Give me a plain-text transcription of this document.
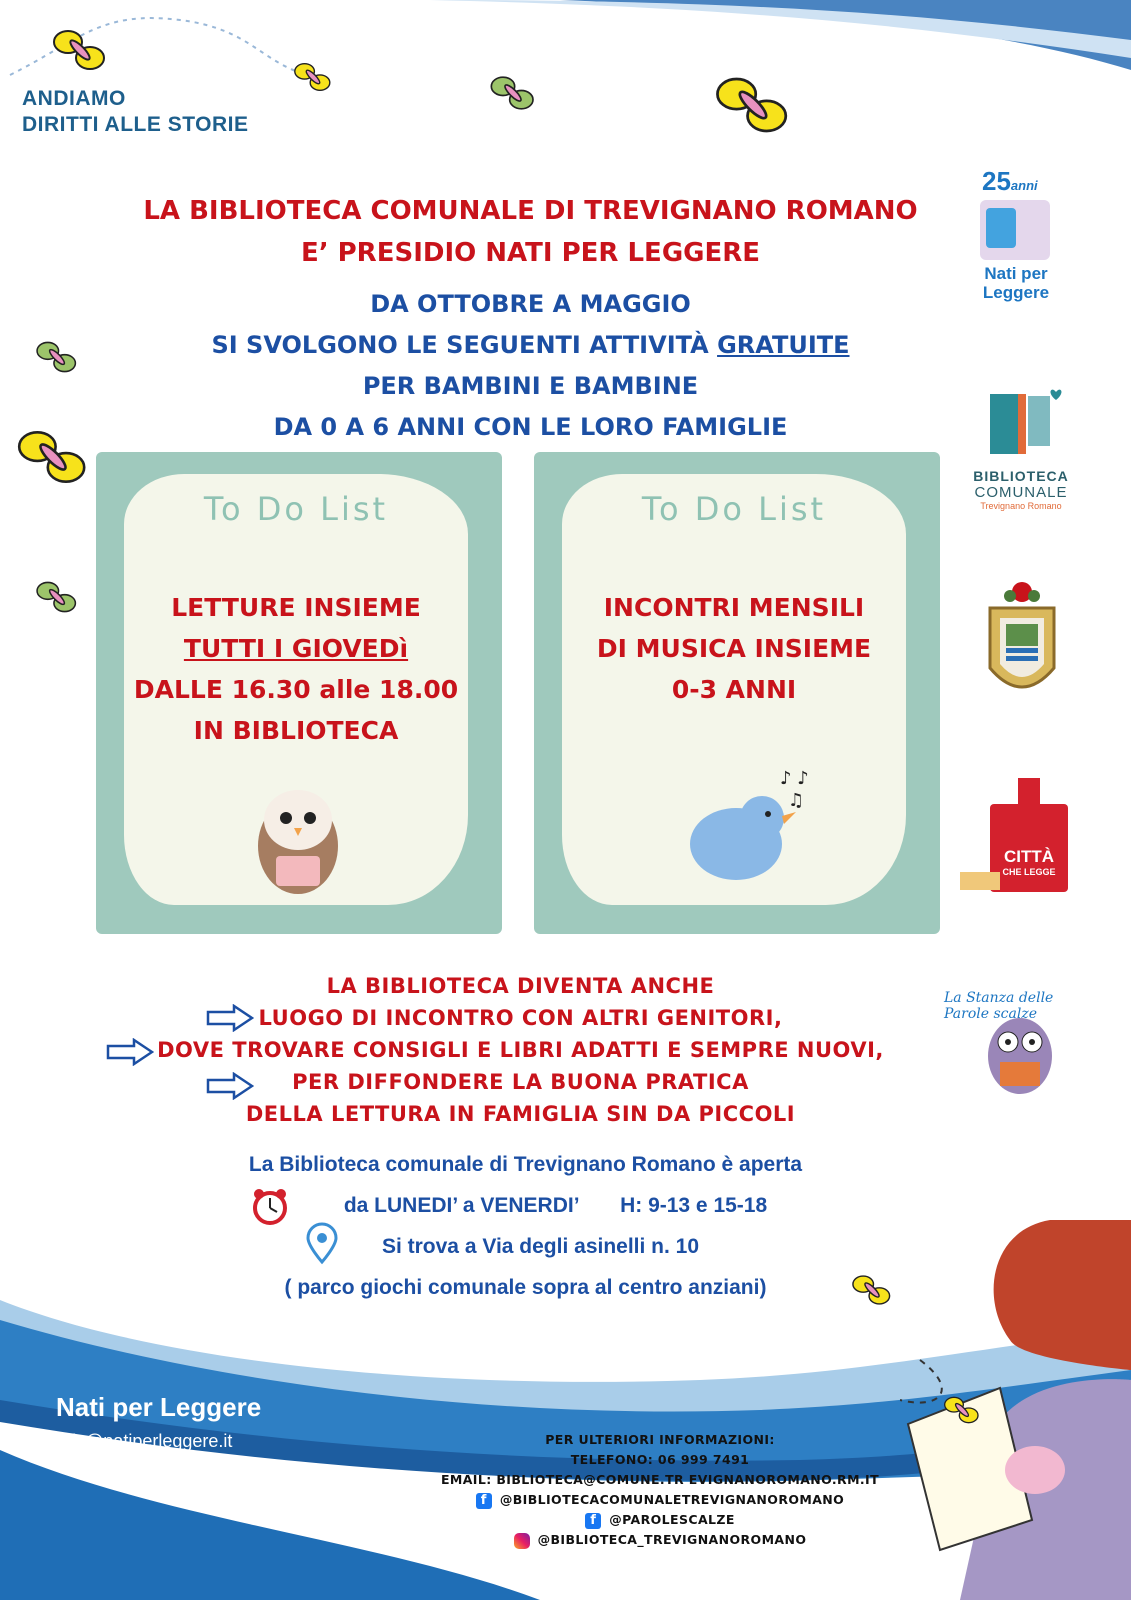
ANDIAMO
DIRITTI ALLE STORIE
LA BIBLIOTECA COMUNALE DI TREVIGNANO ROMANO
E’ PRESIDIO NATI PER LEGGERE
DA OTTOBRE A MAGGIO
SI SVOLGONO LE SEGUENTI ATTIVITÀ GRATUITE
PER BAMBINI E BAMBINE
DA 0 A 6 ANNI CON LE LORO FAMIGLIE
25anni
Nati per
Leggere
BIBLIOTECA
COMUNALE
Trevignano Romano
CITTÀ
CHE LEGGE
La Stanza delle Parole scalze
To Do List
LETTURE INSIEME
TUTTI I GIOVEDì
DALLE 16.30 alle 18.00
IN BIBLIOTECA
To Do List
INCONTRI MENSILI
DI MUSICA INSIEME
0-3 ANNI
♪ ♪
♫
LA BIBLIOTECA DIVENTA ANCHE
LUOGO DI INCONTRO CON ALTRI GENITORI,
DOVE TROVARE CONSIGLI E LIBRI ADATTI E SEMPRE NUOVI,
PER DIFFONDERE LA BUONA PRATICA
DELLA LETTURA IN FAMIGLIA SIN DA PICCOLI
La Biblioteca comunale di Trevignano Romano è aperta
da LUNEDI’ a VENERDI’ H: 9-13 e 15-18
Si trova a Via degli asinelli n. 10
( parco giochi comunale sopra al centro anziani)
Nati per Leggere
info@natiperleggere.it	PER ULTERIORI INFORMAZIONI:
TELEFONO: 06 999 7491
EMAIL: BIBLIOTECA@COMUNE.TR EVIGNANOROMANO.RM.IT
f @BIBLIOTECACOMUNALETREVIGNANOROMANO
f @PAROLESCALZE
@BIBLIOTECA_TREVIGNANOROMANO
